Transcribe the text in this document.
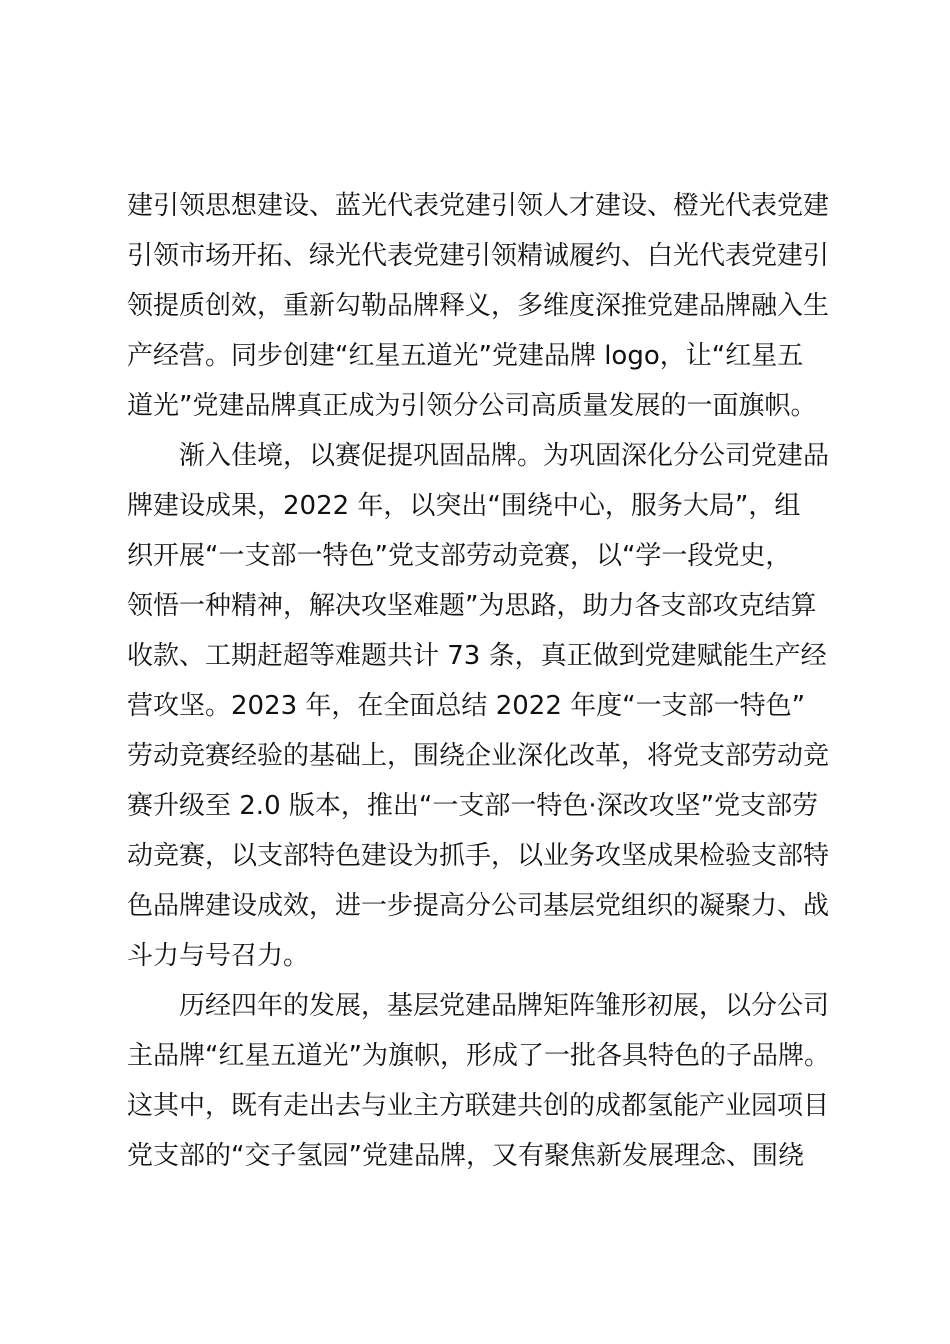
建引领思想建设、蓝光代表党建引领人才建设、橙光代表党建
引领市场开拓、绿光代表党建引领精诚履约、白光代表党建引
领提质创效，重新勾勒品牌释义，多维度深推党建品牌融入生
产经营。同步创建“红星五道光”党建品牌 logo，让“红星五
道光”党建品牌真正成为引领分公司高质量发展的一面旗帜。
渐入佳境，以赛促提巩固品牌。为巩固深化分公司党建品
牌建设成果，2022 年，以突出“围绕中心，服务大局”，组
织开展“一支部一特色”党支部劳动竞赛，以“学一段党史，
领悟一种精神，解决攻坚难题”为思路，助力各支部攻克结算
收款、工期赶超等难题共计 73 条，真正做到党建赋能生产经
营攻坚。2023 年，在全面总结 2022 年度“一支部一特色”
劳动竞赛经验的基础上，围绕企业深化改革，将党支部劳动竞
赛升级至 2.0 版本，推出“一支部一特色·深改攻坚”党支部劳
动竞赛，以支部特色建设为抓手，以业务攻坚成果检验支部特
色品牌建设成效，进一步提高分公司基层党组织的凝聚力、战
斗力与号召力。
历经四年的发展，基层党建品牌矩阵雏形初展，以分公司
主品牌“红星五道光”为旗帜，形成了一批各具特色的子品牌。
这其中，既有走出去与业主方联建共创的成都氢能产业园项目
党支部的“交子氢园”党建品牌，又有聚焦新发展理念、围绕
